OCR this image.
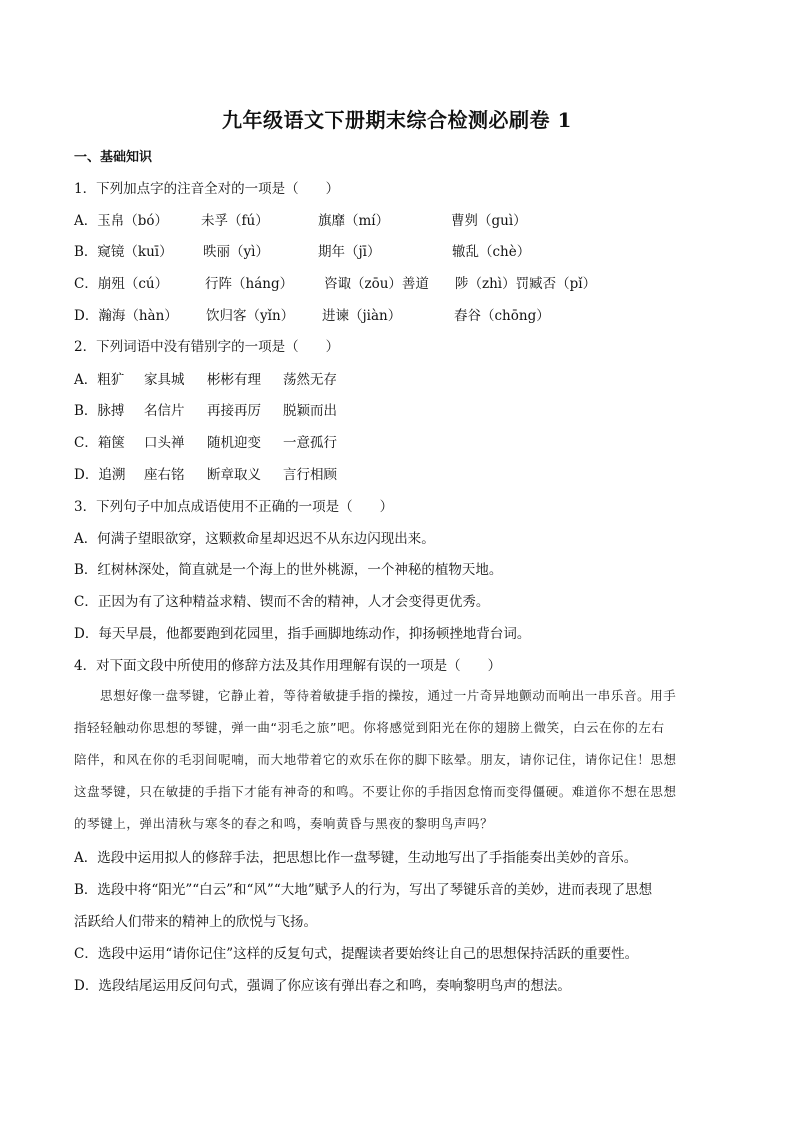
九年级语文下册期末综合检测必刷卷 1
一、基础知识
1．下列加点字的注音全对的一项是（　　）
A．玉帛（bó） 未孚（fú）	旗靡（mí）	曹刿（guì）
B．窥镜（kuī） 昳丽（yì）	期年（jī）	辙乱（chè）
C．崩殂（cú）	行阵（háng） 咨诹（zōu）善道 陟（zhì）罚臧否（pǐ）
D．瀚海（hàn） 饮归客（yǐn） 进谏（jiàn）	舂谷（chōng）
2．下列词语中没有错别字的一项是（　　）
A．粗犷 家具城 彬彬有理 荡然无存
B．脉搏 名信片 再接再厉 脱颖而出
C．箱箧 口头禅 随机迎变 一意孤行
D．追溯 座右铭 断章取义 言行相顾
3．下列句子中加点成语使用不正确的一项是（　　）
A．何满子望眼欲穿，这颗救命星却迟迟不从东边闪现出来。
B．红树林深处，简直就是一个海上的世外桃源，一个神秘的植物天地。
C．正因为有了这种精益求精、锲而不舍的精神，人才会变得更优秀。
D．每天早晨，他都要跑到花园里，指手画脚地练动作，抑扬顿挫地背台词。
4．对下面文段中所使用的修辞方法及其作用理解有误的一项是（　　）
思想好像一盘琴键，它静止着，等待着敏捷手指的操按，通过一片奇异地颤动而响出一串乐音。用手
指轻轻触动你思想的琴键，弹一曲“羽毛之旅”吧。你将感觉到阳光在你的翅膀上微笑，白云在你的左右
陪伴，和风在你的毛羽间呢喃，而大地带着它的欢乐在你的脚下眩晕。朋友，请你记住，请你记住！思想
这盘琴键，只在敏捷的手指下才能有神奇的和鸣。不要让你的手指因怠惰而变得僵硬。难道你不想在思想
的琴键上，弹出清秋与寒冬的春之和鸣，奏响黄昏与黑夜的黎明鸟声吗？
A．选段中运用拟人的修辞手法，把思想比作一盘琴键，生动地写出了手指能奏出美妙的音乐。
B．选段中将“阳光”“白云”和“风”“大地”赋予人的行为，写出了琴键乐音的美妙，进而表现了思想
活跃给人们带来的精神上的欣悦与飞扬。
C．选段中运用“请你记住”这样的反复句式，提醒读者要始终让自己的思想保持活跃的重要性。
D．选段结尾运用反问句式，强调了你应该有弹出春之和鸣，奏响黎明鸟声的想法。
